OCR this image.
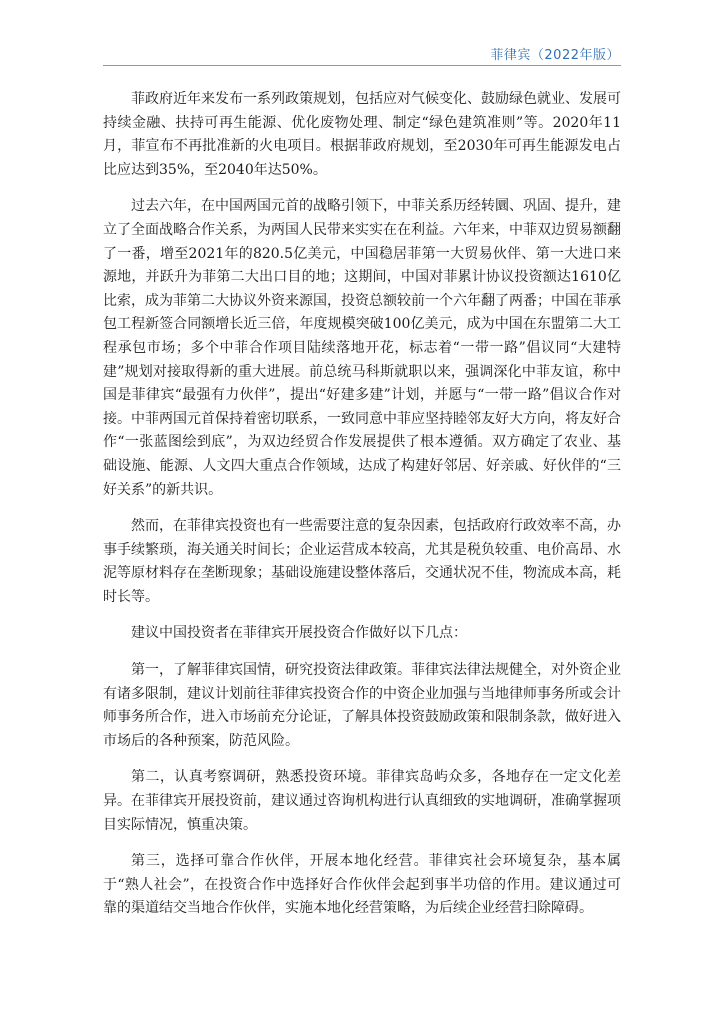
菲律宾（2022年版）

菲政府近年来发布一系列政策规划，包括应对气候变化、鼓励绿色就业、发展可持续金融、扶持可再生能源、优化废物处理、制定“绿色建筑准则”等。2020年11月，菲宣布不再批准新的火电项目。根据菲政府规划，至2030年可再生能源发电占比应达到35%，至2040年达50%。

过去六年，在中国两国元首的战略引领下，中菲关系历经转圜、巩固、提升，建立了全面战略合作关系，为两国人民带来实实在在利益。六年来，中菲双边贸易额翻了一番，增至2021年的820.5亿美元，中国稳居菲第一大贸易伙伴、第一大进口来源地，并跃升为菲第二大出口目的地；这期间，中国对菲累计协议投资额达1610亿比索，成为菲第二大协议外资来源国，投资总额较前一个六年翻了两番；中国在菲承包工程新签合同额增长近三倍，年度规模突破100亿美元，成为中国在东盟第二大工程承包市场；多个中菲合作项目陆续落地开花，标志着“一带一路”倡议同“大建特建”规划对接取得新的重大进展。前总统马科斯就职以来，强调深化中菲友谊，称中国是菲律宾“最强有力伙伴”，提出“好建多建”计划，并愿与“一带一路”倡议合作对接。中菲两国元首保持着密切联系，一致同意中菲应坚持睦邻友好大方向，将友好合作“一张蓝图绘到底”，为双边经贸合作发展提供了根本遵循。双方确定了农业、基础设施、能源、人文四大重点合作领域，达成了构建好邻居、好亲戚、好伙伴的“三好关系”的新共识。

然而，在菲律宾投资也有一些需要注意的复杂因素，包括政府行政效率不高，办事手续繁琐，海关通关时间长；企业运营成本较高，尤其是税负较重、电价高昂、水泥等原材料存在垄断现象；基础设施建设整体落后，交通状况不佳，物流成本高，耗时长等。

建议中国投资者在菲律宾开展投资合作做好以下几点：

第一，了解菲律宾国情，研究投资法律政策。菲律宾法律法规健全，对外资企业有诸多限制，建议计划前往菲律宾投资合作的中资企业加强与当地律师事务所或会计师事务所合作，进入市场前充分论证，了解具体投资鼓励政策和限制条款，做好进入市场后的各种预案，防范风险。

第二，认真考察调研，熟悉投资环境。菲律宾岛屿众多，各地存在一定文化差异。在菲律宾开展投资前，建议通过咨询机构进行认真细致的实地调研，准确掌握项目实际情况，慎重决策。

第三，选择可靠合作伙伴，开展本地化经营。菲律宾社会环境复杂，基本属于“熟人社会”，在投资合作中选择好合作伙伴会起到事半功倍的作用。建议通过可靠的渠道结交当地合作伙伴，实施本地化经营策略，为后续企业经营扫除障碍。
